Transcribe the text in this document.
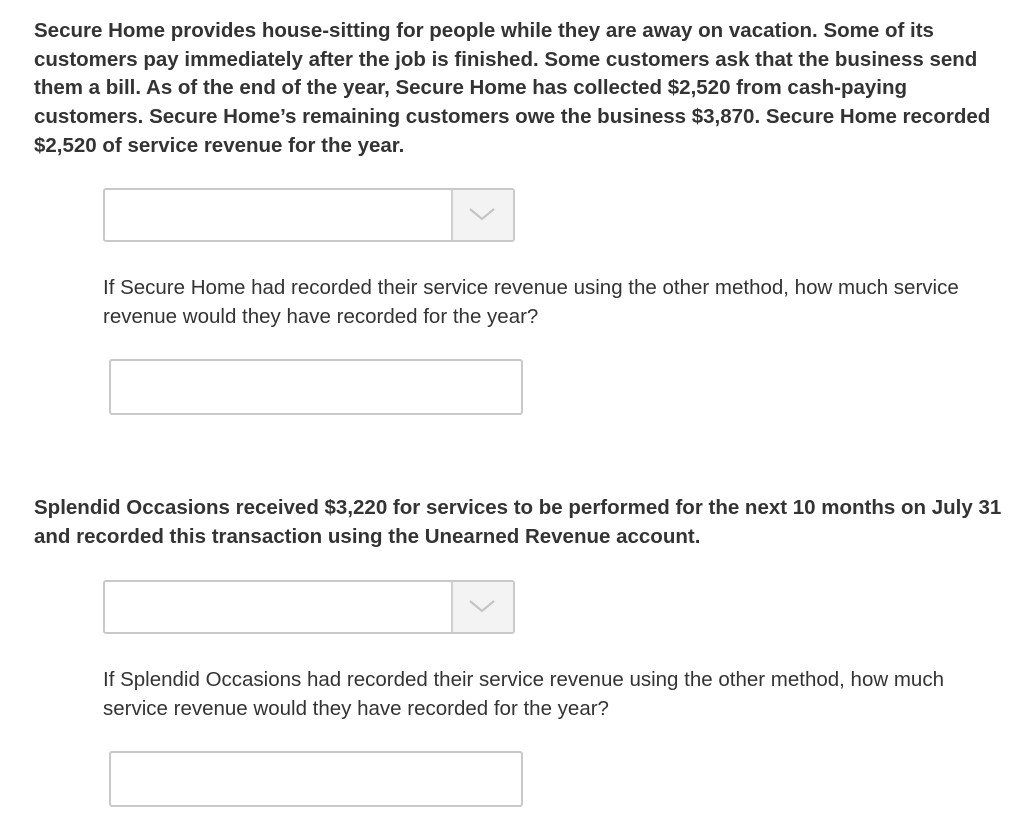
Secure Home provides house-sitting for people while they are away on vacation. Some of its customers pay immediately after the job is finished. Some customers ask that the business send them a bill. As of the end of the year, Secure Home has collected $2,520 from cash-paying customers. Secure Home’s remaining customers owe the business $3,870. Secure Home recorded $2,520 of service revenue for the year.

If Secure Home had recorded their service revenue using the other method, how much service revenue would they have recorded for the year?

Splendid Occasions received $3,220 for services to be performed for the next 10 months on July 31 and recorded this transaction using the Unearned Revenue account.

If Splendid Occasions had recorded their service revenue using the other method, how much service revenue would they have recorded for the year?
